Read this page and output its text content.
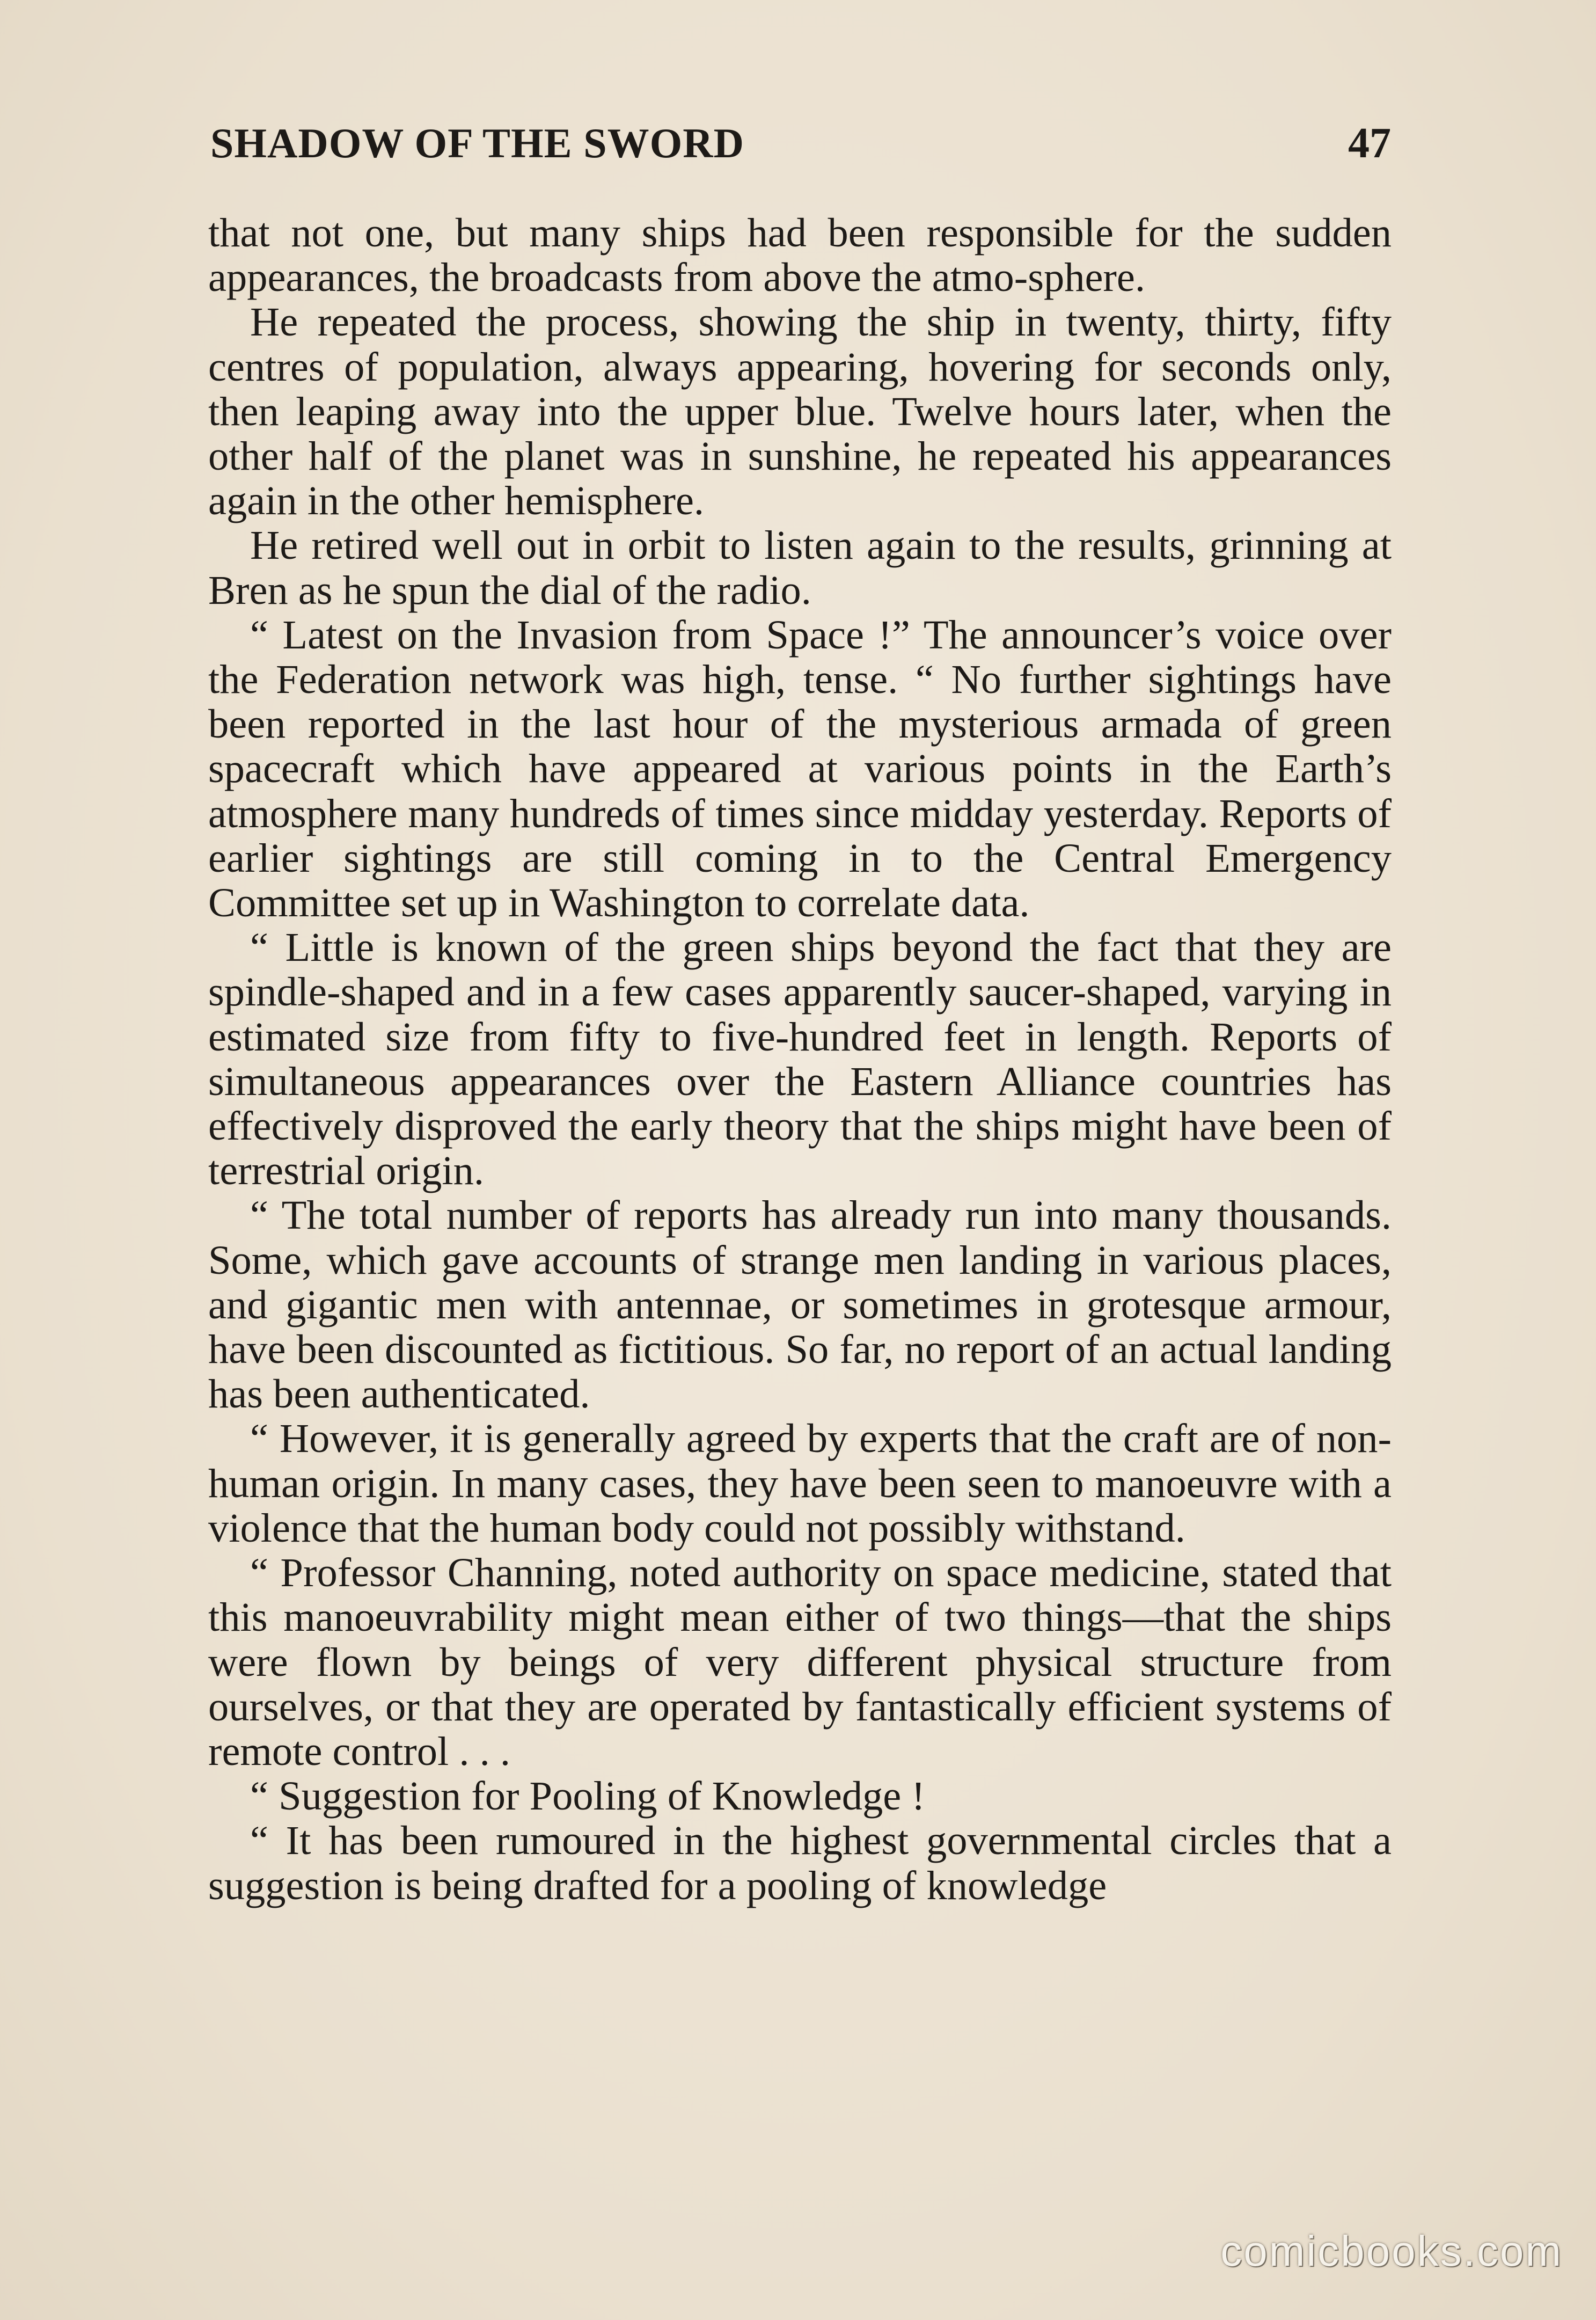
SHADOW OF THE SWORD	47

that not one, but many ships had been responsible for the sudden appearances, the broadcasts from above the atmo-sphere.

He repeated the process, showing the ship in twenty, thirty, fifty centres of population, always appearing, hovering for seconds only, then leaping away into the upper blue. Twelve hours later, when the other half of the planet was in sunshine, he repeated his appearances again in the other hemisphere.

He retired well out in orbit to listen again to the results, grinning at Bren as he spun the dial of the radio.

“ Latest on the Invasion from Space !” The announcer’s voice over the Federation network was high, tense. “ No further sightings have been reported in the last hour of the mysterious armada of green spacecraft which have appeared at various points in the Earth’s atmosphere many hundreds of times since midday yesterday. Reports of earlier sightings are still coming in to the Central Emergency Committee set up in Washington to correlate data.

“ Little is known of the green ships beyond the fact that they are spindle-shaped and in a few cases apparently saucer-shaped, varying in estimated size from fifty to five-hundred feet in length. Reports of simultaneous appearances over the Eastern Alliance countries has effectively disproved the early theory that the ships might have been of terrestrial origin.

“ The total number of reports has already run into many thousands. Some, which gave accounts of strange men landing in various places, and gigantic men with antennae, or sometimes in grotesque armour, have been discounted as fictitious. So far, no report of an actual landing has been authenticated.

“ However, it is generally agreed by experts that the craft are of non-human origin. In many cases, they have been seen to manoeuvre with a violence that the human body could not possibly withstand.

“ Professor Channing, noted authority on space medicine, stated that this manoeuvrability might mean either of two things—that the ships were flown by beings of very different physical structure from ourselves, or that they are operated by fantastically efficient systems of remote control . . .

“ Suggestion for Pooling of Knowledge !

“ It has been rumoured in the highest governmental circles that a suggestion is being drafted for a pooling of knowledge

comicbooks.com
